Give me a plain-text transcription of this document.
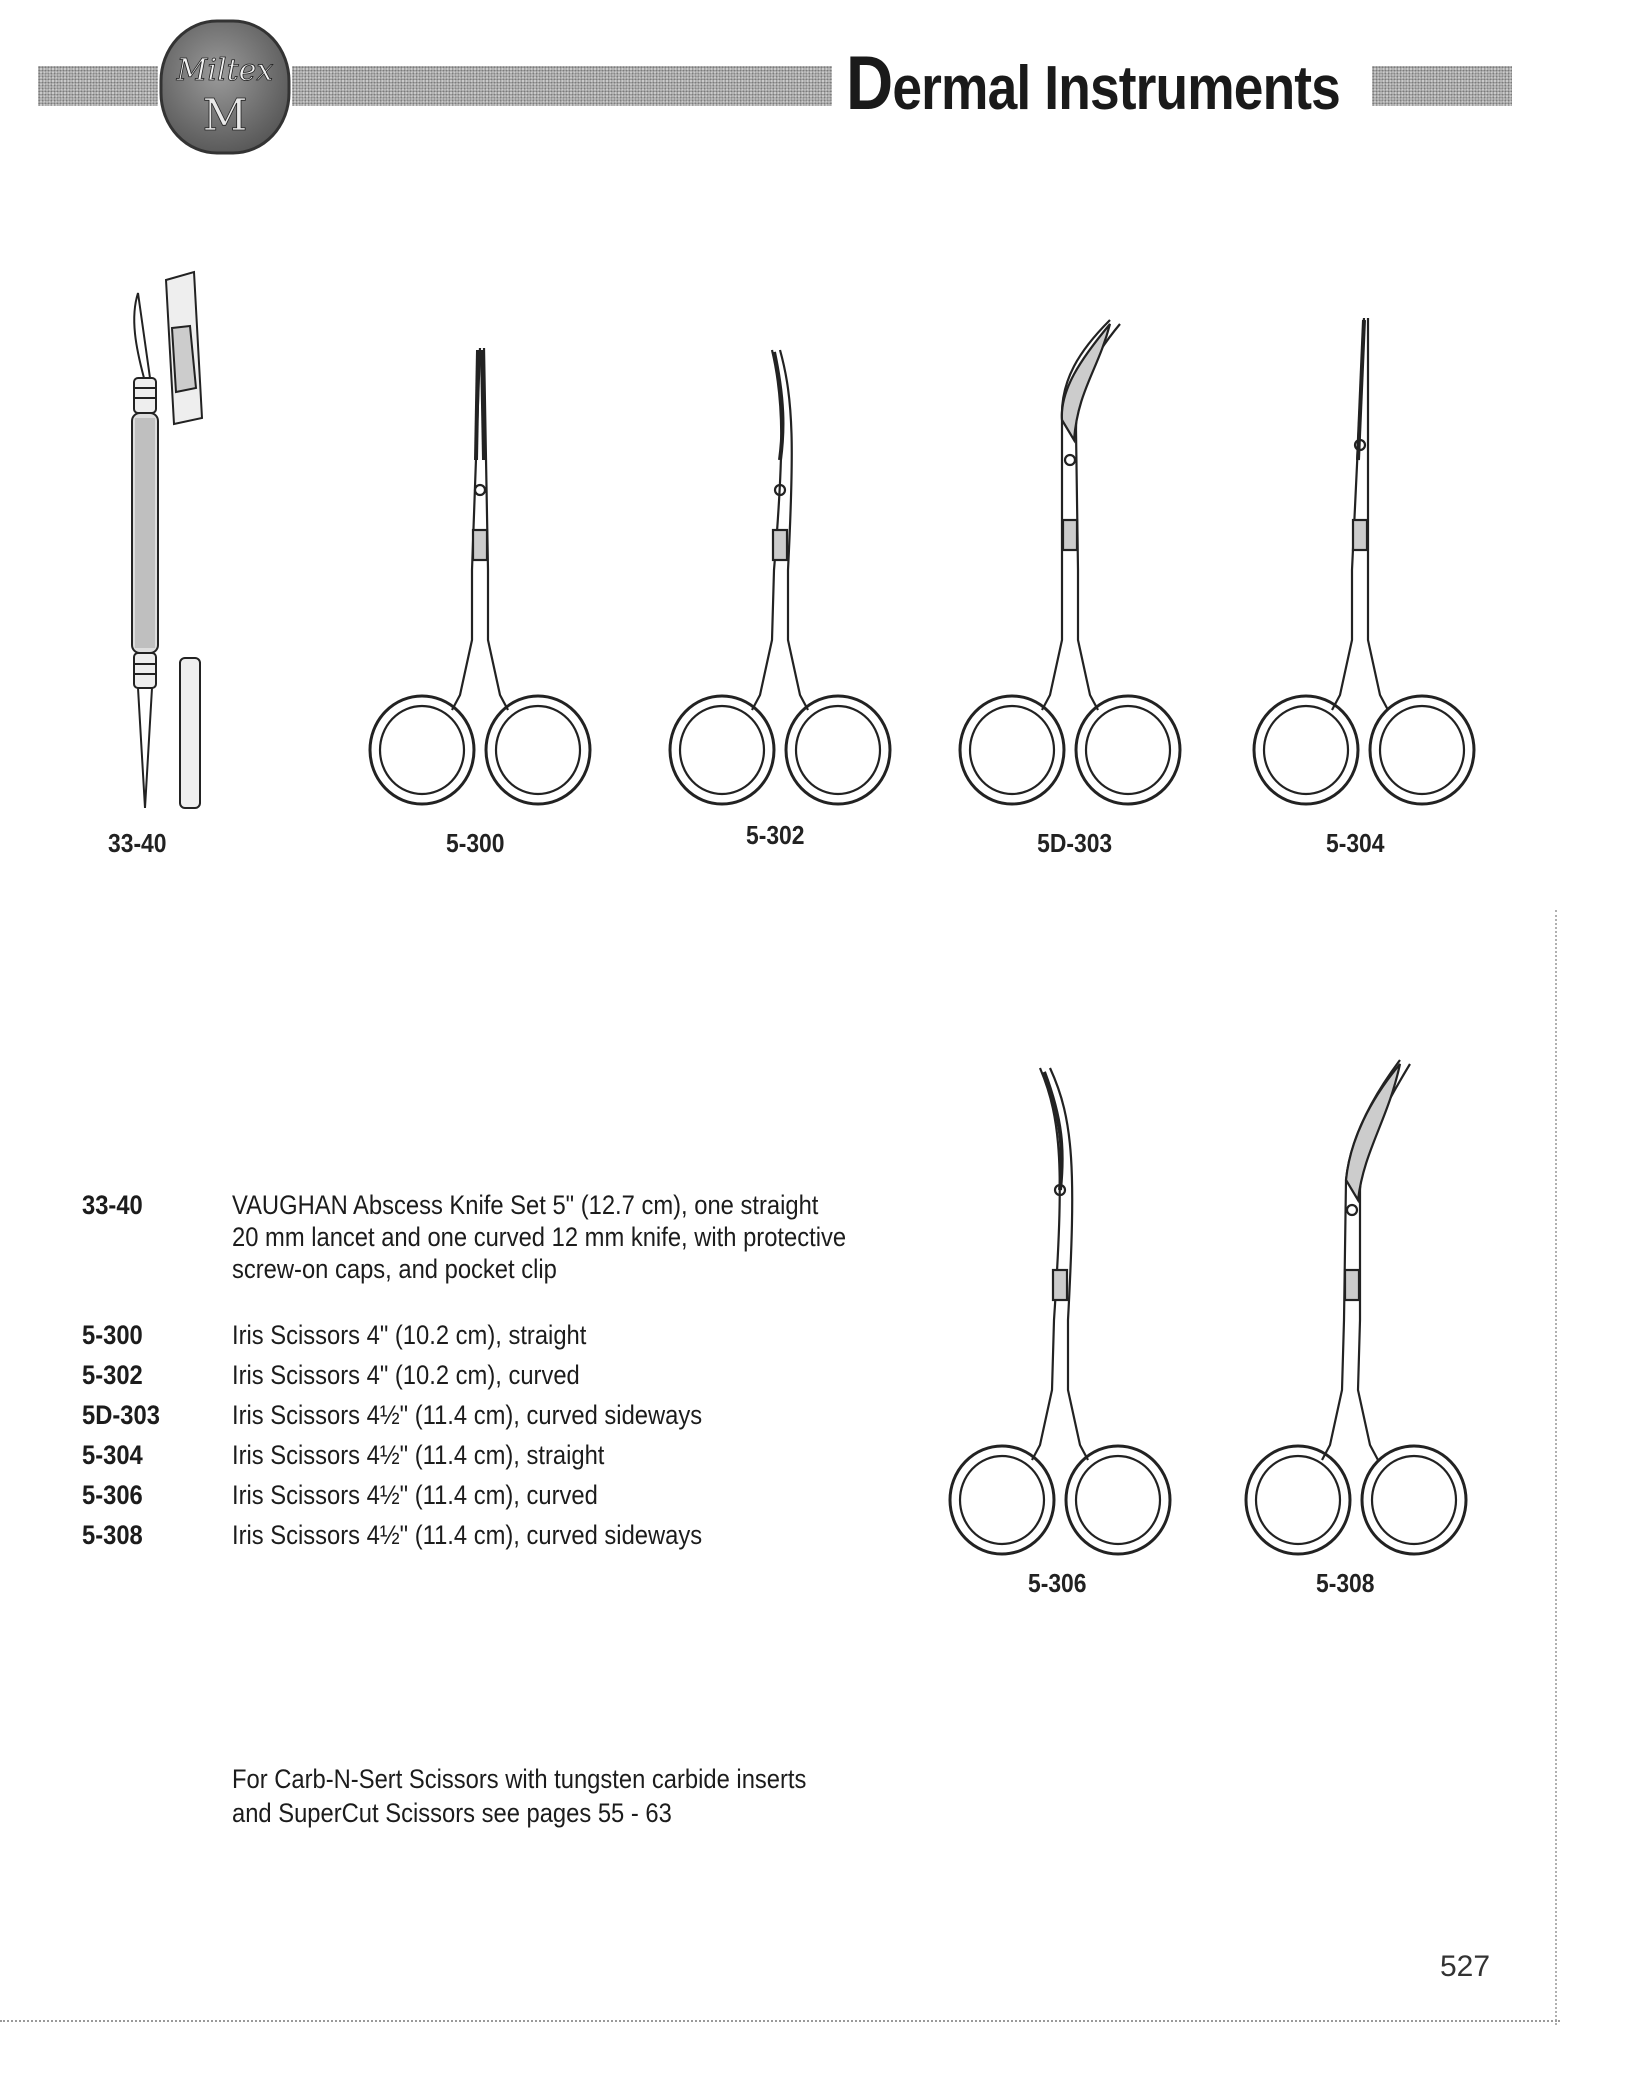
Miltex
M	Dermal Instruments
33-40	5-300	5-302	5D-303	5-304
5-306	5-308
33-40	VAUGHAN Abscess Knife Set 5" (12.7 cm), one straight
20 mm lancet and one curved 12 mm knife, with protective
screw-on caps, and pocket clip
5-300	Iris Scissors 4" (10.2 cm), straight
5-302	Iris Scissors 4" (10.2 cm), curved
5D-303	Iris Scissors 4½" (11.4 cm), curved sideways
5-304	Iris Scissors 4½" (11.4 cm), straight
5-306	Iris Scissors 4½" (11.4 cm), curved
5-308	Iris Scissors 4½" (11.4 cm), curved sideways
For Carb-N-Sert Scissors with tungsten carbide inserts
and SuperCut Scissors see pages 55 - 63
527
